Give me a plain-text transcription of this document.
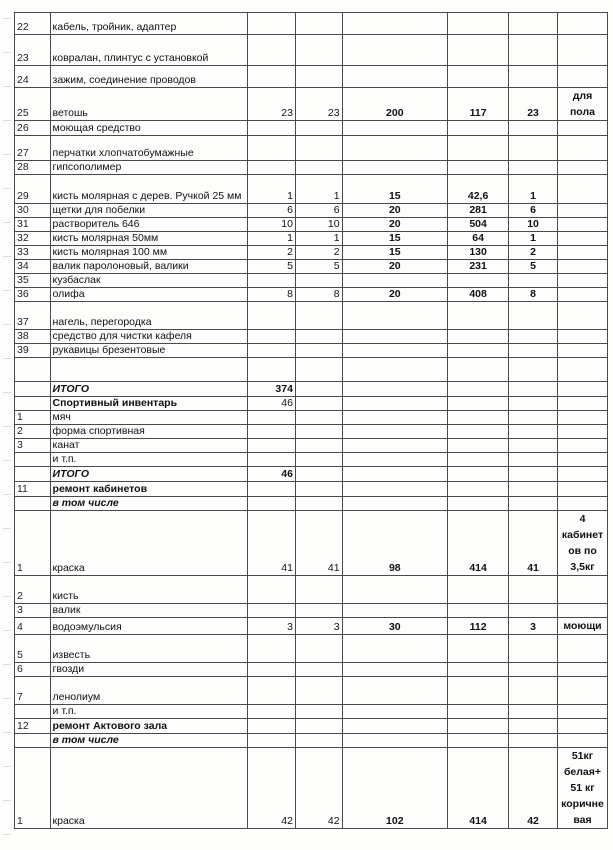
22	кабель, тройник, адаптер						
23	ковралан, плинтус с установкой						
24	зажим, соединение проводов						
25	ветошь	23	23	200	117	23	для пола
26	моющая средство						
27	перчатки хлопчатобумажные						
28	гипсополимер						
29	кисть молярная с дерев. Ручкой 25 мм	1	1	15	42,6	1	
30	щетки для побелки	6	6	20	281	6	
31	растворитель 646	10	10	20	504	10	
32	кисть молярная 50мм	1	1	15	64	1	
33	кисть молярная 100 мм	2	2	15	130	2	
34	валик паролоновый, валики	5	5	20	231	5	
35	кузбаслак						
36	олифа	8	8	20	408	8	
37	нагель, перегородка						
38	средство для чистки кафеля						
39	рукавицы брезентовые						

	ИТОГО	374					
	Спортивный инвентарь	46					
1	мяч						
2	форма спортивная						
3	канат						
	и т.п.						
	ИТОГО	46					
11	ремонт кабинетов						
	в том числе						
1	краска	41	41	98	414	41	4 кабинет ов по 3,5кг
2	кисть						
3	валик						
4	водоэмульсия	3	3	30	112	3	моющи
5	известь						
6	гвозди						
7	ленолиум						
	и т.п.						
12	ремонт Актового зала						
	в том числе						
1	краска	42	42	102	414	42	51кг белая+ 51 кг коричне вая
